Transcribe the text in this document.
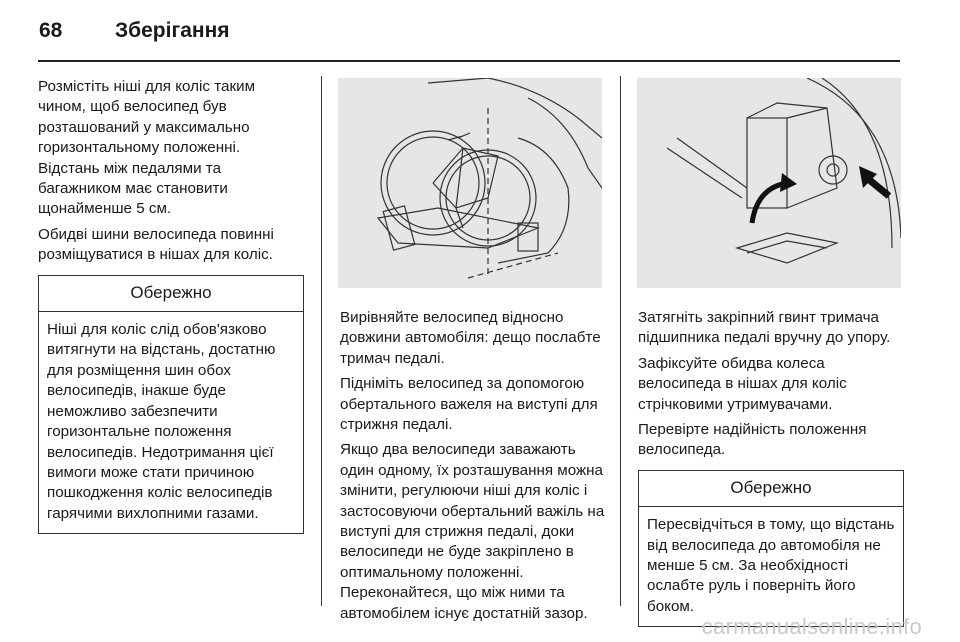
68	Зберігання

Розмістіть ніші для коліс таким чином, щоб велосипед був розташований у максимально горизонтальному положенні. Відстань між педалями та багажником має становити щонайменше 5 см.

Обидві шини велосипеда повинні розміщуватися в нішах для коліс.

Обережно
Ніші для коліс слід обов'язково витягнути на відстань, достатню для розміщення шин обох велосипедів, інакше буде неможливо забезпечити горизонтальне положення велосипедів. Недотримання цієї вимоги може стати причиною пошкодження коліс велосипедів гарячими вихлопними газами.

Вирівняйте велосипед відносно довжини автомобіля: дещо послабте тримач педалі.

Підніміть велосипед за допомогою обертального важеля на виступі для стрижня педалі.

Якщо два велосипеди заважають один одному, їх розташування можна змінити, регулюючи ніші для коліс і застосовуючи обертальний важіль на виступі для стрижня педалі, доки велосипеди не буде закріплено в оптимальному положенні. Переконайтеся, що між ними та автомобілем існує достатній зазор.

Затягніть закріпний гвинт тримача підшипника педалі вручну до упору.

Зафіксуйте обидва колеса велосипеда в нішах для коліс стрічковими утримувачами.

Перевірте надійність положення велосипеда.

Обережно
Пересвідчіться в тому, що відстань від велосипеда до автомобіля не менше 5 см. За необхідності ослабте руль і поверніть його боком.
carmanualsonline.info
